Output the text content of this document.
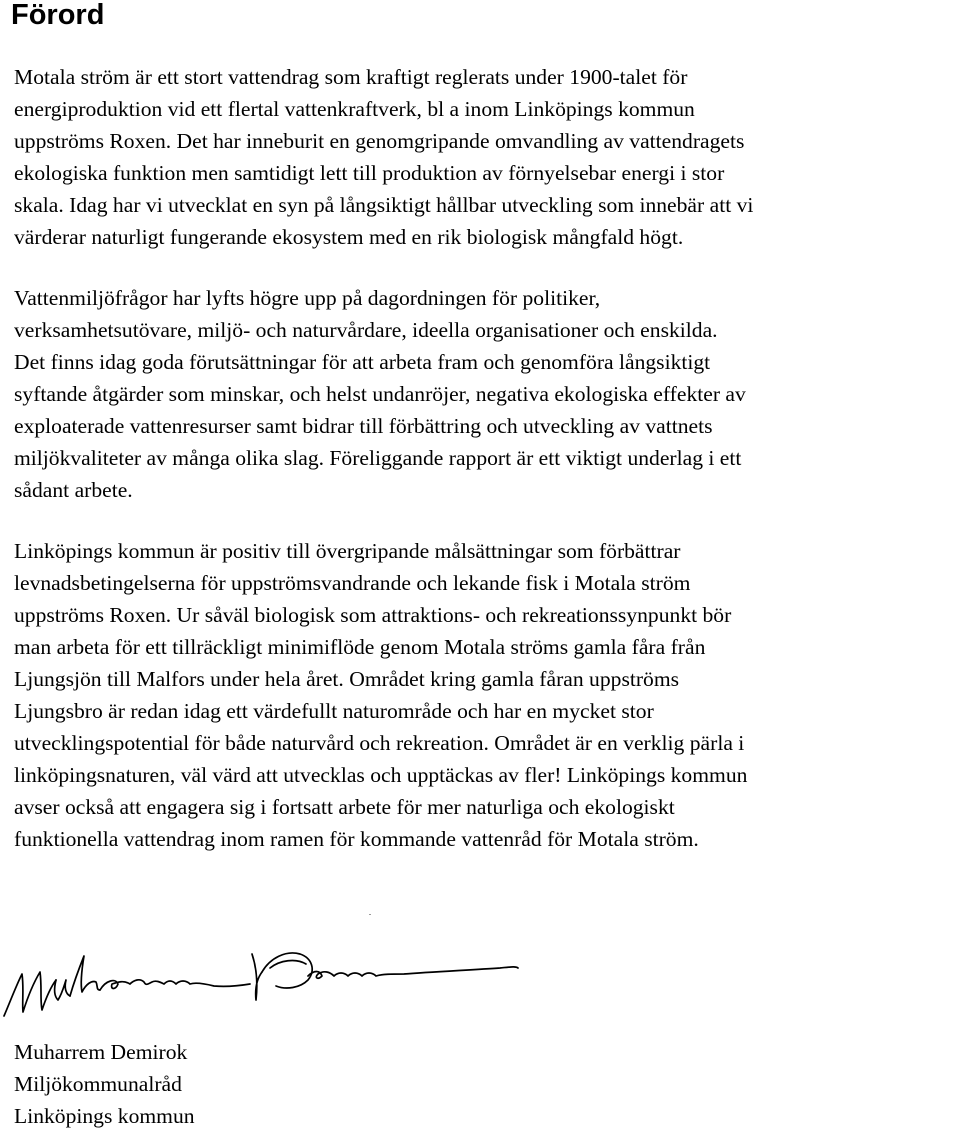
Förord

Motala ström är ett stort vattendrag som kraftigt reglerats under 1900-talet för

energiproduktion vid ett flertal vattenkraftverk, bl a inom Linköpings kommun

uppströms Roxen. Det har inneburit en genomgripande omvandling av vattendragets

ekologiska funktion men samtidigt lett till produktion av förnyelsebar energi i stor

skala. Idag har vi utvecklat en syn på långsiktigt hållbar utveckling som innebär att vi

värderar naturligt fungerande ekosystem med en rik biologisk mångfald högt.

Vattenmiljöfrågor har lyfts högre upp på dagordningen för politiker,

verksamhetsutövare, miljö- och naturvårdare, ideella organisationer och enskilda.

Det finns idag goda förutsättningar för att arbeta fram och genomföra långsiktigt

syftande åtgärder som minskar, och helst undanröjer, negativa ekologiska effekter av

exploaterade vattenresurser samt bidrar till förbättring och utveckling av vattnets

miljökvaliteter av många olika slag. Föreliggande rapport är ett viktigt underlag i ett

sådant arbete.

Linköpings kommun är positiv till övergripande målsättningar som förbättrar

levnadsbetingelserna för uppströmsvandrande och lekande fisk i Motala ström

uppströms Roxen. Ur såväl biologisk som attraktions- och rekreationssynpunkt bör

man arbeta för ett tillräckligt minimiflöde genom Motala ströms gamla fåra från

Ljungsjön till Malfors under hela året. Området kring gamla fåran uppströms

Ljungsbro är redan idag ett värdefullt naturområde och har en mycket stor

utvecklingspotential för både naturvård och rekreation. Området är en verklig pärla i

linköpingsnaturen, väl värd att utvecklas och upptäckas av fler! Linköpings kommun

avser också att engagera sig i fortsatt arbete för mer naturliga och ekologiskt

funktionella vattendrag inom ramen för kommande vattenråd för Motala ström.

Muharrem Demirok

Miljökommunalråd

Linköpings kommun
